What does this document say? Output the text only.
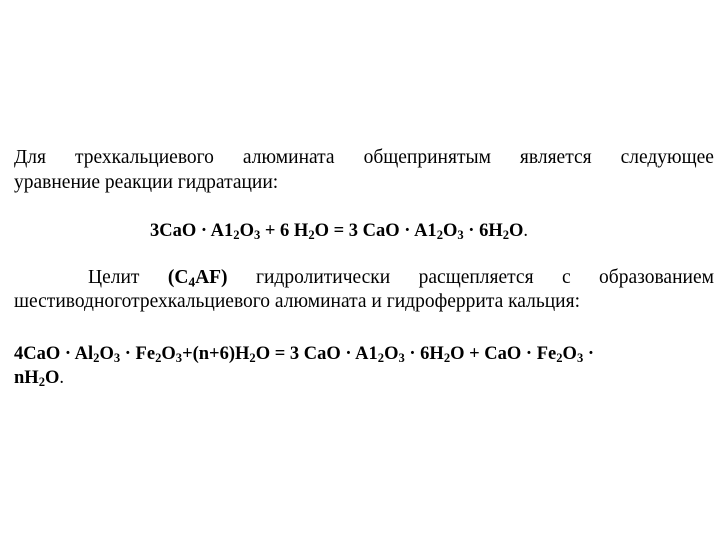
Для трехкальциевого алюмината общепринятым является следующее
уравнение реакции гидратации:
$3CaO \cdot A1_2O_3 + 6$ $H_2O = 3$ CaO · $A1_2O_3 \cdot 6H_2O$.
Целит $(C_4AF)$ гидролитически расщепляется с образованием
шестиводноготрехкальциевого алюмината и гидроферрита кальция:
$4CaO \cdot Al_2O_3 \cdot Fe_2O_3+(n+6)H_2O = 3$ CaO · $A1_2O_3 \cdot 6H_2O$ + CaO · $Fe_2O_3$ ·
$nH_2O$.
